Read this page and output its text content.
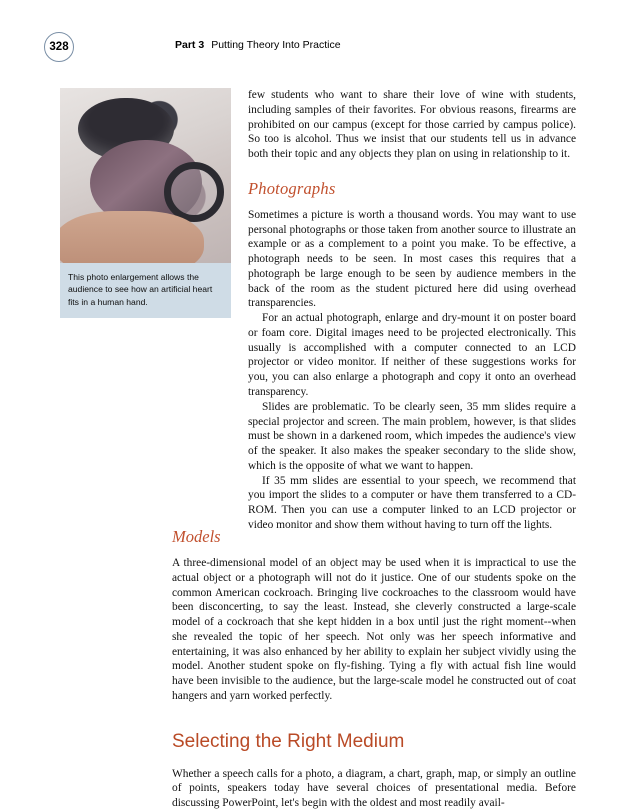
328	Part 3 Putting Theory Into Practice
This photo enlargement allows the audience to see how an artificial heart fits in a human hand.

few students who want to share their love of wine with students, including samples of their favorites. For obvious reasons, firearms are prohibited on our campus (except for those carried by campus police). So too is alcohol. Thus we insist that our students tell us in advance both their topic and any objects they plan on using in relationship to it.

Photographs

Sometimes a picture is worth a thousand words. You may want to use personal photographs or those taken from another source to illustrate an example or as a complement to a point you make. To be effective, a photograph needs to be seen. In most cases this requires that a photograph be large enough to be seen by audience members in the back of the room as the student pictured here did using overhead transparencies.

For an actual photograph, enlarge and dry-mount it on poster board or foam core. Digital images need to be projected electronically. This usually is accomplished with a computer connected to an LCD projector or video monitor. If neither of these suggestions works for you, you can also enlarge a photograph and copy it onto an overhead transparency.

Slides are problematic. To be clearly seen, 35 mm slides require a special projector and screen. The main problem, however, is that slides must be shown in a darkened room, which impedes the audience's view of the speaker. It also makes the speaker secondary to the slide show, which is the opposite of what we want to happen.

If 35 mm slides are essential to your speech, we recommend that you import the slides to a computer or have them transferred to a CD-ROM. Then you can use a computer linked to an LCD projector or video monitor and show them without having to turn off the lights.

Models

A three-dimensional model of an object may be used when it is impractical to use the actual object or a photograph will not do it justice. One of our students spoke on the common American cockroach. Bringing live cockroaches to the classroom would have been disconcerting, to say the least. Instead, she cleverly constructed a large-scale model of a cockroach that she kept hidden in a box until just the right moment--when she revealed the topic of her speech. Not only was her speech informative and entertaining, it was also enhanced by her ability to explain her subject vividly using the model. Another student spoke on fly-fishing. Tying a fly with actual fish line would have been invisible to the audience, but the large-scale model he constructed out of coat hangers and yarn worked perfectly.

Selecting the Right Medium

Whether a speech calls for a photo, a diagram, a chart, graph, map, or simply an outline of points, speakers today have several choices of presentational media. Before discussing PowerPoint, let's begin with the oldest and most readily avail-
